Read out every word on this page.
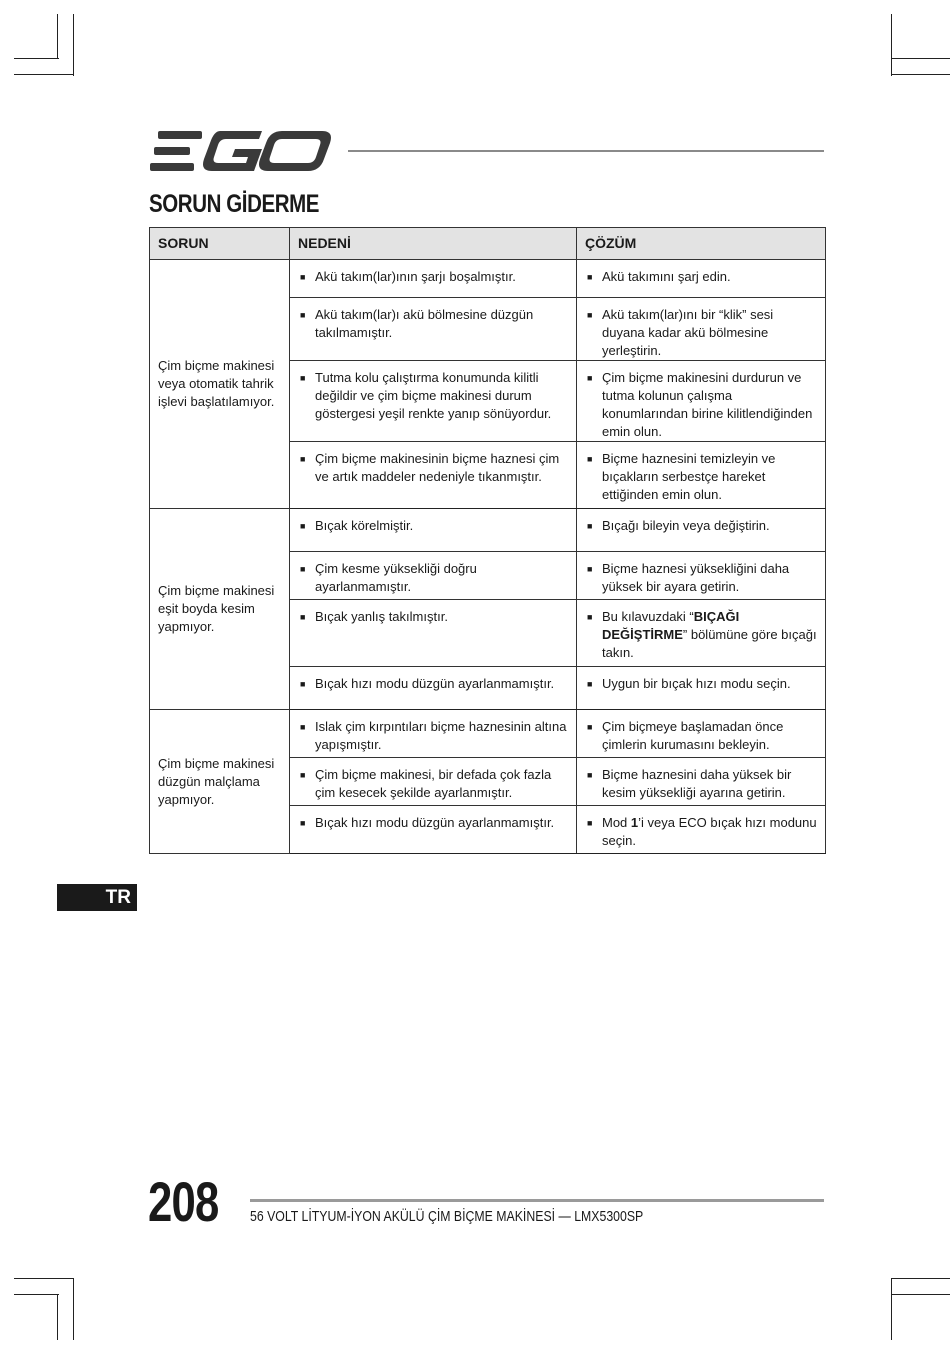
SORUN GİDERME
SORUN	NEDENİ	ÇÖZÜM
Çim biçme makinesi veya otomatik tahrik işlevi başlatılamıyor.	■ Akü takım(lar)ının şarjı boşalmıştır.	■ Akü takımını şarj edin.

	■ Akü takım(lar)ı akü bölmesine düzgün takılmamıştır.	■ Akü takım(lar)ını bir “klik” sesi duyana kadar akü bölmesine yerleştirin.

	■ Tutma kolu çalıştırma konumunda kilitli değildir ve çim biçme makinesi durum göstergesi yeşil renkte yanıp sönüyordur.	■ Çim biçme makinesini durdurun ve tutma kolunun çalışma konumlarından birine kilitlendiğinden emin olun.

	■ Çim biçme makinesinin biçme haznesi çim ve artık maddeler nedeniyle tıkanmıştır.	■ Biçme haznesini temizleyin ve bıçakların serbestçe hareket ettiğinden emin olun.

Çim biçme makinesi eşit boyda kesim yapmıyor.	■ Bıçak körelmiştir.	■ Bıçağı bileyin veya değiştirin.

	■ Çim kesme yüksekliği doğru ayarlanmamıştır.	■ Biçme haznesi yüksekliğini daha yüksek bir ayara getirin.

	■ Bıçak yanlış takılmıştır.	■ Bu kılavuzdaki “BIÇAĞI DEĞİŞTİRME” bölümüne göre bıçağı takın.

	■ Bıçak hızı modu düzgün ayarlanmamıştır.	■ Uygun bir bıçak hızı modu seçin.

Çim biçme makinesi düzgün malçlama yapmıyor.	■ Islak çim kırpıntıları biçme haznesinin altına yapışmıştır.	■ Çim biçmeye başlamadan önce çimlerin kurumasını bekleyin.

	■ Çim biçme makinesi, bir defada çok fazla çim kesecek şekilde ayarlanmıştır.	■ Biçme haznesini daha yüksek bir kesim yüksekliği ayarına getirin.

	■ Bıçak hızı modu düzgün ayarlanmamıştır.	■ Mod 1’i veya ECO bıçak hızı modunu seçin.
TR
208 56 VOLT LİTYUM-İYON AKÜLÜ ÇİM BİÇME MAKİNESİ — LMX5300SP
